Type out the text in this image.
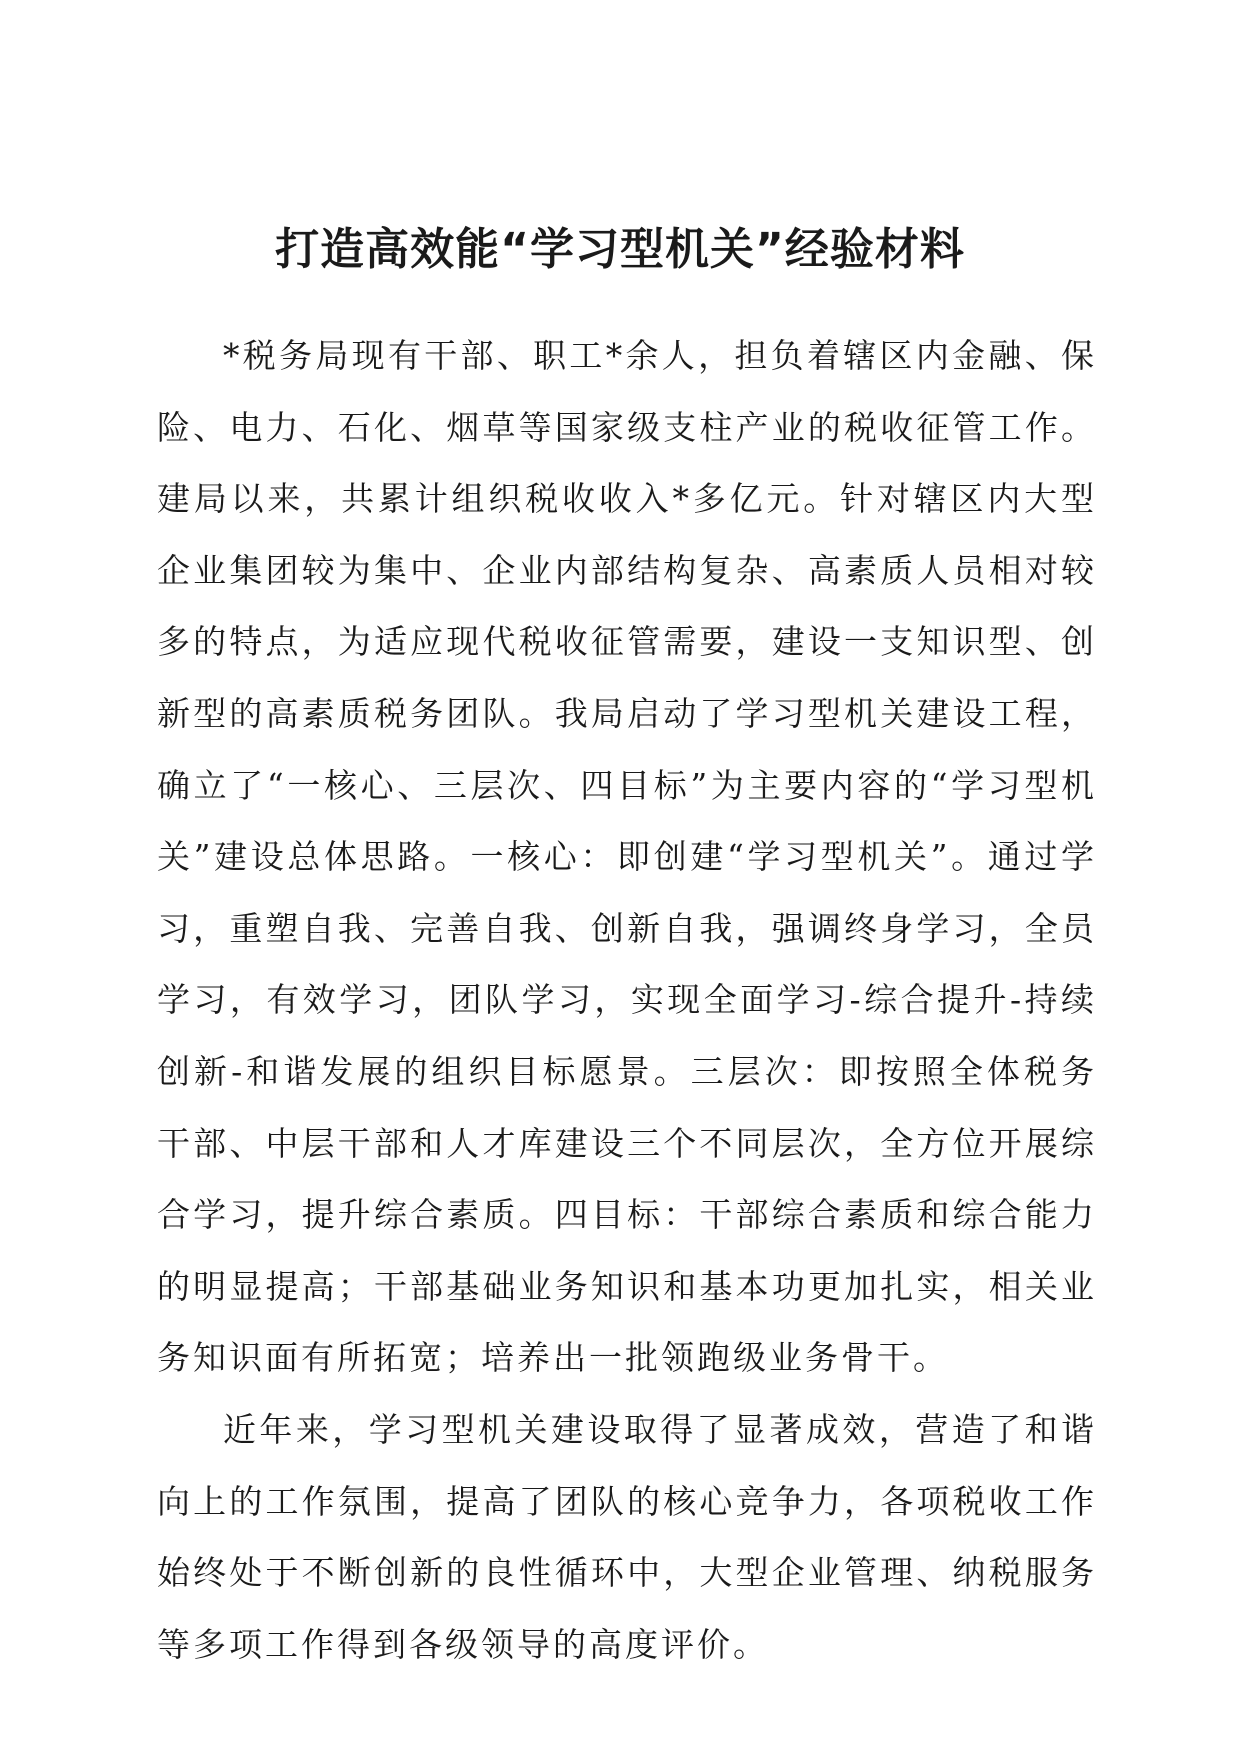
打造高效能“学习型机关”经验材料

*税务局现有干部、职工*余人，担负着辖区内金融、保险、电力、石化、烟草等国家级支柱产业的税收征管工作。建局以来，共累计组织税收收入*多亿元。针对辖区内大型企业集团较为集中、企业内部结构复杂、高素质人员相对较多的特点，为适应现代税收征管需要，建设一支知识型、创新型的高素质税务团队。我局启动了学习型机关建设工程，确立了“一核心、三层次、四目标”为主要内容的“学习型机关”建设总体思路。一核心：即创建“学习型机关”。通过学习，重塑自我、完善自我、创新自我，强调终身学习，全员学习，有效学习，团队学习，实现全面学习-综合提升-持续创新-和谐发展的组织目标愿景。三层次：即按照全体税务干部、中层干部和人才库建设三个不同层次，全方位开展综合学习，提升综合素质。四目标：干部综合素质和综合能力的明显提高；干部基础业务知识和基本功更加扎实，相关业务知识面有所拓宽；培养出一批领跑级业务骨干。

近年来，学习型机关建设取得了显著成效，营造了和谐向上的工作氛围，提高了团队的核心竞争力，各项税收工作始终处于不断创新的良性循环中，大型企业管理、纳税服务等多项工作得到各级领导的高度评价。
